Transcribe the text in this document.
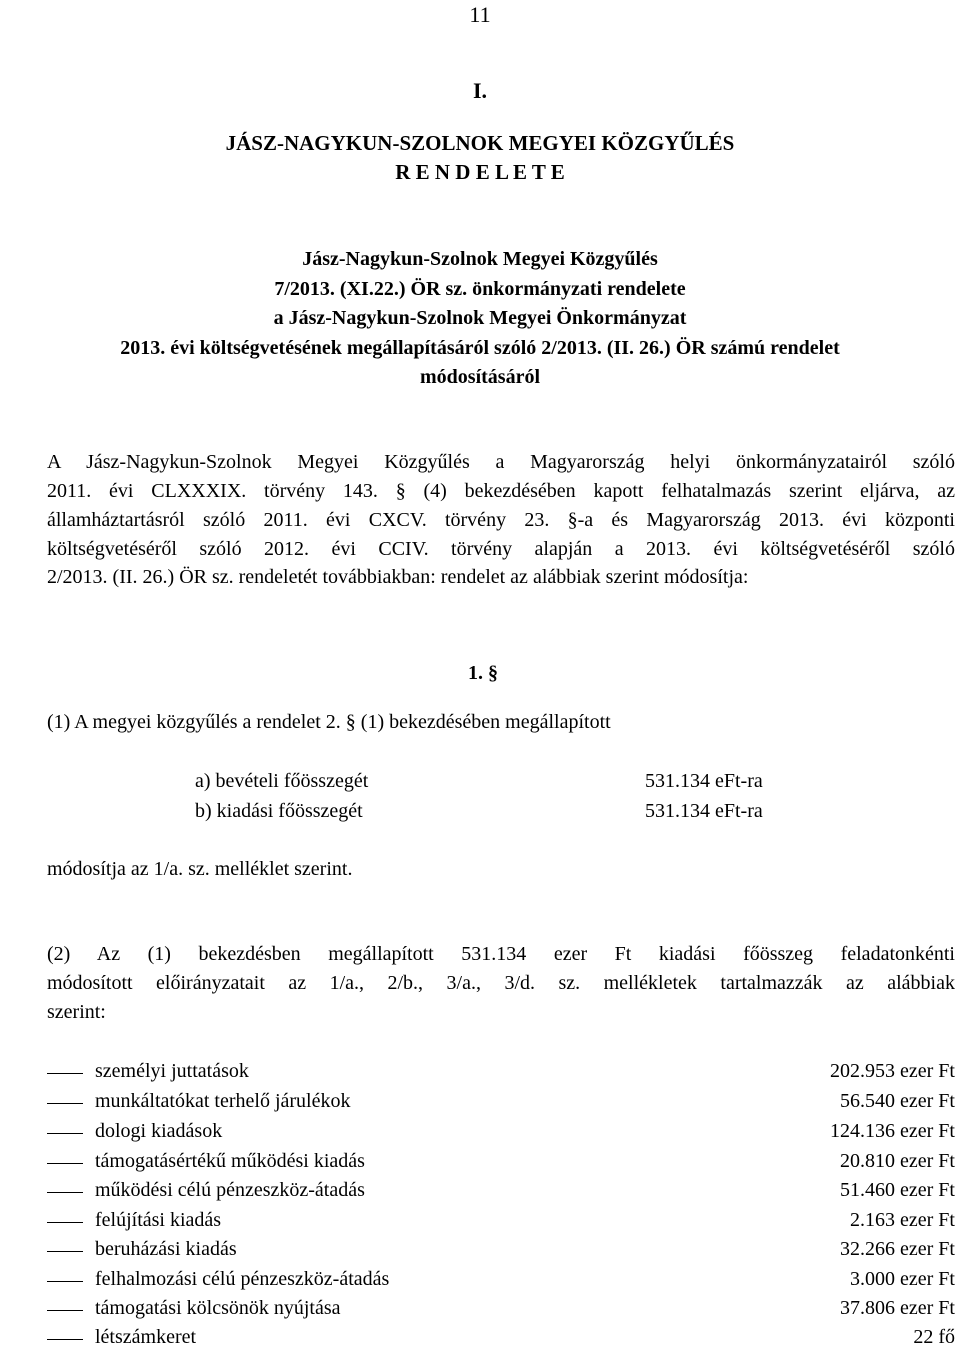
11
I.
JÁSZ-NAGYKUN-SZOLNOK MEGYEI KÖZGYŰLÉS
R E N D E L E T E
Jász-Nagykun-Szolnok Megyei Közgyűlés
7/2013. (XI.22.) ÖR sz. önkormányzati rendelete
a Jász-Nagykun-Szolnok Megyei Önkormányzat
2013. évi költségvetésének megállapításáról szóló 2/2013. (II. 26.) ÖR számú rendelet
módosításáról
A Jász-Nagykun-Szolnok Megyei Közgyűlés a Magyarország helyi önkormányzatairól szóló
2011. évi CLXXXIX. törvény 143. § (4) bekezdésében kapott felhatalmazás szerint eljárva, az
államháztartásról szóló 2011. évi CXCV. törvény 23. §-a és Magyarország 2013. évi központi
költségvetéséről szóló 2012. évi CCIV. törvény alapján a 2013. évi költségvetéséről szóló
2/2013. (II. 26.) ÖR sz. rendeletét továbbiakban: rendelet az alábbiak szerint módosítja:
1. §
(1) A megyei közgyűlés a rendelet 2. § (1) bekezdésében megállapított
a) bevételi főösszegét	531.134 eFt-ra
b) kiadási főösszegét	531.134 eFt-ra
módosítja az 1/a. sz. melléklet szerint.
(2) Az (1) bekezdésben megállapított 531.134 ezer Ft kiadási főösszeg feladatonkénti
módosított előirányzatait az 1/a., 2/b., 3/a., 3/d. sz. mellékletek tartalmazzák az alábbiak
szerint:
személyi juttatások	202.953 ezer Ft
munkáltatókat terhelő járulékok	56.540 ezer Ft
dologi kiadások	124.136 ezer Ft
támogatásértékű működési kiadás	20.810 ezer Ft
működési célú pénzeszköz-átadás	51.460 ezer Ft
felújítási kiadás	2.163 ezer Ft
beruházási kiadás	32.266 ezer Ft
felhalmozási célú pénzeszköz-átadás	3.000 ezer Ft
támogatási kölcsönök nyújtása	37.806 ezer Ft
létszámkeret	22 fő
